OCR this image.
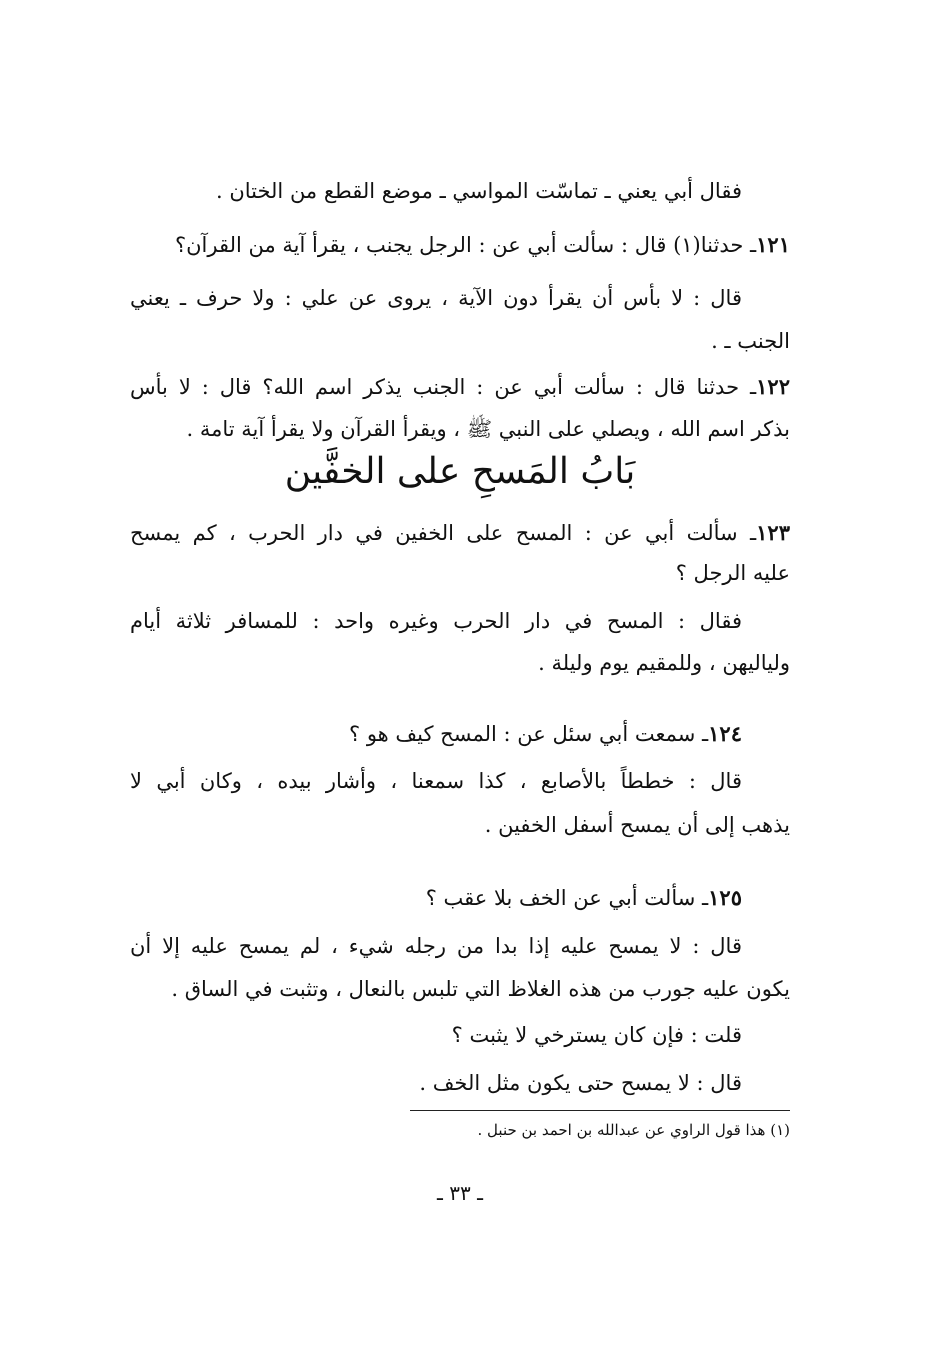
فقال أبي يعني ـ تماسّت المواسي ـ موضع القطع من الختان .
١٢١ـ حدثنا(١) قال : سألت أبي عن : الرجل يجنب ، يقرأ آية من القرآن؟
قال : لا بأس أن يقرأ دون الآية ، يروى عن علي : ولا حرف ـ يعني
الجنب ـ .
١٢٢ـ حدثنا قال : سألت أبي عن : الجنب يذكر اسم الله؟ قال : لا بأس
بذكر اسم الله ، ويصلي على النبي ﷺ ، ويقرأ القرآن ولا يقرأ آية تامة .
بَابُ المَسحِ على الخفَّين
١٢٣ـ سألت أبي عن : المسح على الخفين في دار الحرب ، كم يمسح
عليه الرجل ؟
فقال : المسح في دار الحرب وغيره واحد : للمسافر ثلاثة أيام
ولياليهن ، وللمقيم يوم وليلة .
١٢٤ـ سمعت أبي سئل عن : المسح كيف هو ؟
قال : خططاً بالأصابع ، كذا سمعنا ، وأشار بيده ، وكان أبي لا
يذهب إلى أن يمسح أسفل الخفين .
١٢٥ـ سألت أبي عن الخف بلا عقب ؟
قال : لا يمسح عليه إذا بدا من رجله شيء ، لم يمسح عليه إلا أن
يكون عليه جورب من هذه الغلاظ التي تلبس بالنعال ، وتثبت في الساق .
قلت : فإن كان يسترخي لا يثبت ؟
قال : لا يمسح حتى يكون مثل الخف .
(١) هذا قول الراوي عن عبدالله بن احمد بن حنبل .
ـ ٣٣ ـ
